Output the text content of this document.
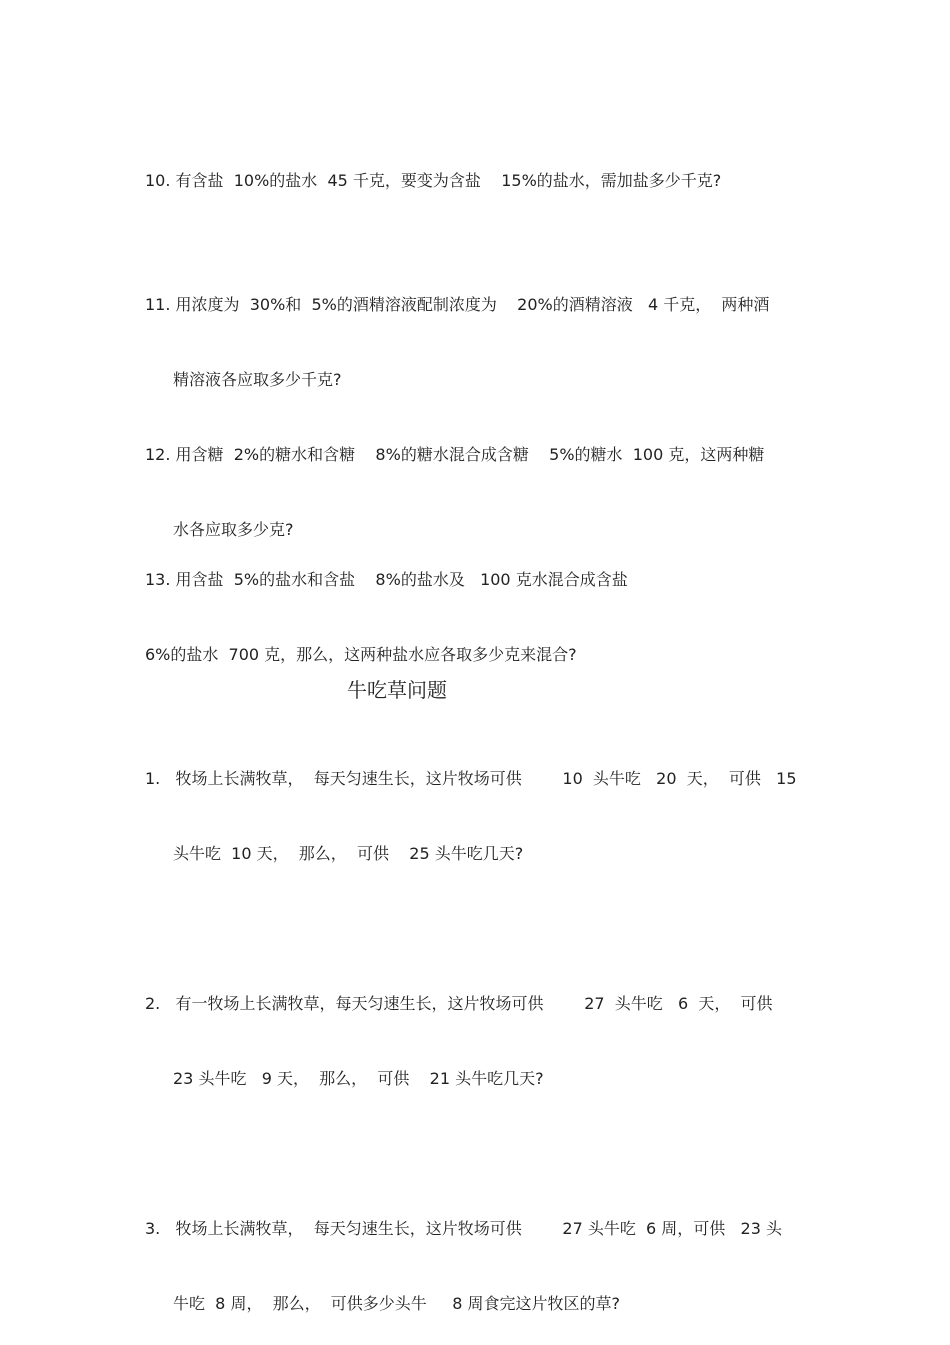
10. 有含盐  10%的盐水  45 千克，要变为含盐    15%的盐水，需加盐多少千克?

11. 用浓度为  30%和  5%的酒精溶液配制浓度为    20%的酒精溶液   4 千克，  两种酒

精溶液各应取多少千克?

12. 用含糖  2%的糖水和含糖    8%的糖水混合成含糖    5%的糖水  100 克，这两种糖

水各应取多少克?

13. 用含盐  5%的盐水和含盐    8%的盐水及   100 克水混合成含盐

6%的盐水  700 克，那么，这两种盐水应各取多少克来混合?

牛吃草问题

1.   牧场上长满牧草，  每天匀速生长，这片牧场可供        10  头牛吃   20  天，  可供   15

头牛吃  10 天，  那么，  可供    25 头牛吃几天?

2.   有一牧场上长满牧草，每天匀速生长，这片牧场可供        27  头牛吃   6  天，  可供

23 头牛吃   9 天，  那么，  可供    21 头牛吃几天?

3.   牧场上长满牧草，  每天匀速生长，这片牧场可供        27 头牛吃  6 周，可供   23 头

牛吃  8 周，  那么，  可供多少头牛     8 周食完这片牧区的草?
